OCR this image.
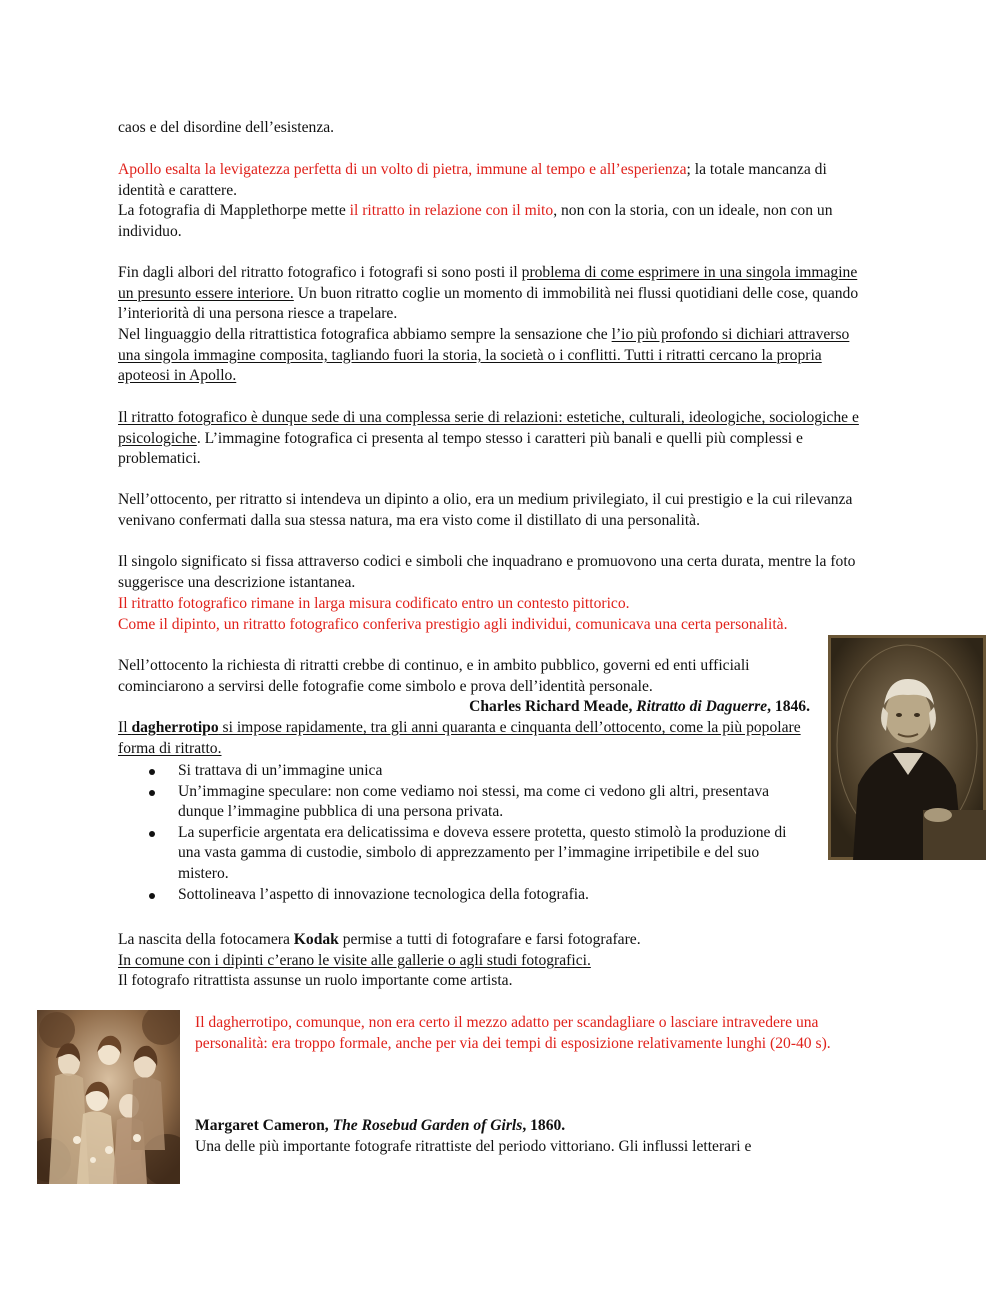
caos e del disordine dell’esistenza.

Apollo esalta la levigatezza perfetta di un volto di pietra, immune al tempo e all’esperienza; la totale mancanza di identità e carattere.

La fotografia di Mapplethorpe mette il ritratto in relazione con il mito, non con la storia, con un ideale, non con un individuo.

Fin dagli albori del ritratto fotografico i fotografi si sono posti il problema di come esprimere in una singola immagine un presunto essere interiore. Un buon ritratto coglie un momento di immobilità nei flussi quotidiani delle cose, quando l’interiorità di una persona riesce a trapelare.

Nel linguaggio della ritrattistica fotografica abbiamo sempre la sensazione che l’io più profondo si dichiari attraverso una singola immagine composita, tagliando fuori la storia, la società o i conflitti. Tutti i ritratti cercano la propria apoteosi in Apollo.

Il ritratto fotografico è dunque sede di una complessa serie di relazioni: estetiche, culturali, ideologiche, sociologiche e psicologiche. L’immagine fotografica ci presenta al tempo stesso i caratteri più banali e quelli più complessi e problematici.

Nell’ottocento, per ritratto si intendeva un dipinto a olio, era un medium privilegiato, il cui prestigio e la cui rilevanza venivano confermati dalla sua stessa natura, ma era visto come il distillato di una personalità.

Il singolo significato si fissa attraverso codici e simboli che inquadrano e promuovono una certa durata, mentre la foto suggerisce una descrizione istantanea.

Il ritratto fotografico rimane in larga misura codificato entro un contesto pittorico.

Come il dipinto, un ritratto fotografico conferiva prestigio agli individui, comunicava una certa personalità.

Nell’ottocento la richiesta di ritratti crebbe di continuo, e in ambito pubblico, governi ed enti ufficiali cominciarono a servirsi delle fotografie come simbolo e prova dell’identità personale.

Charles Richard Meade, Ritratto di Daguerre, 1846.

Il dagherrotipo si impose rapidamente, tra gli anni quaranta e cinquanta dell’ottocento, come la più popolare forma di ritratto.

Si trattava di un’immagine unica
Un’immagine speculare: non come vediamo noi stessi, ma come ci vedono gli altri, presentava dunque l’immagine pubblica di una persona privata.
La superficie argentata era delicatissima e doveva essere protetta, questo stimolò la produzione di una vasta gamma di custodie, simbolo di apprezzamento per l’immagine irripetibile e del suo mistero.
Sottolineava l’aspetto di innovazione tecnologica della fotografia.

La nascita della fotocamera Kodak permise a tutti di fotografare e farsi fotografare.

In comune con i dipinti c’erano le visite alle gallerie o agli studi fotografici.

Il fotografo ritrattista assunse un ruolo importante come artista.

Il dagherrotipo, comunque, non era certo il mezzo adatto per scandagliare o lasciare intravedere una personalità: era troppo formale, anche per via dei tempi di esposizione relativamente lunghi (20-40 s).

Margaret Cameron, The Rosebud Garden of Girls, 1860.

Una delle più importante fotografe ritrattiste del periodo vittoriano. Gli influssi letterari e
